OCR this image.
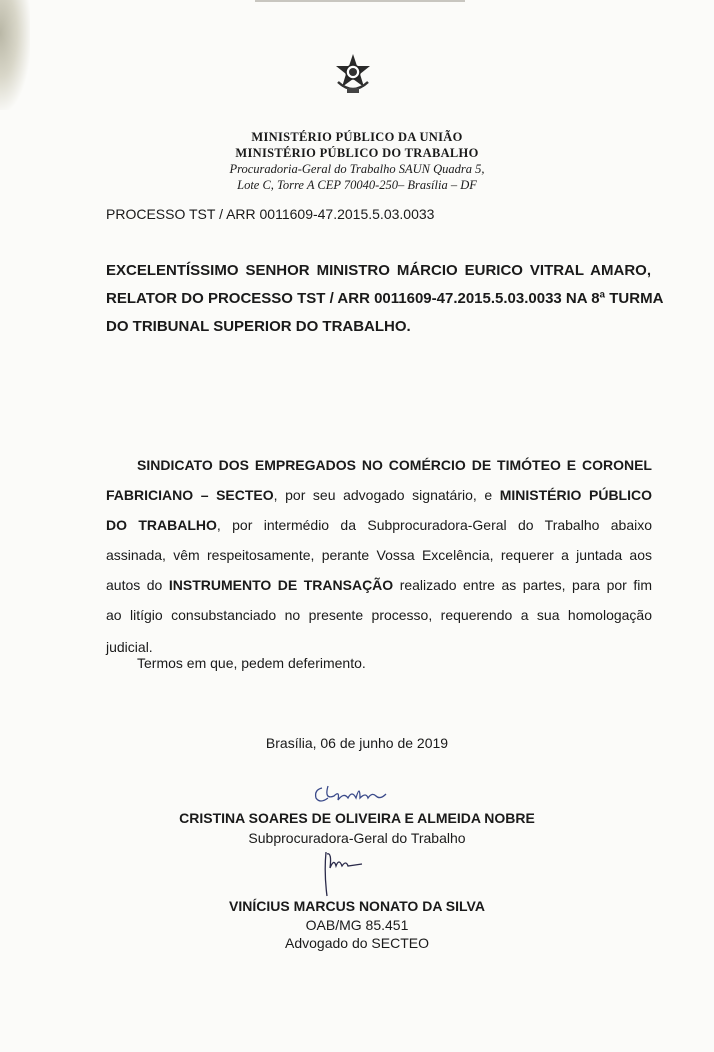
MINISTÉRIO PÚBLICO DA UNIÃO
MINISTÉRIO PÚBLICO DO TRABALHO
Procuradoria-Geral do Trabalho SAUN Quadra 5,
Lote C, Torre A CEP 70040-250– Brasília – DF
PROCESSO TST / ARR 0011609-47.2015.5.03.0033
EXCELENTÍSSIMO SENHOR MINISTRO MÁRCIO EURICO VITRAL AMARO,
RELATOR DO PROCESSO TST / ARR 0011609-47.2015.5.03.0033 NA 8ª TURMA
DO TRIBUNAL SUPERIOR DO TRABALHO.
SINDICATO DOS EMPREGADOS NO COMÉRCIO DE TIMÓTEO E CORONEL
FABRICIANO – SECTEO, por seu advogado signatário, e MINISTÉRIO PÚBLICO
DO TRABALHO, por intermédio da Subprocuradora-Geral do Trabalho abaixo
assinada, vêm respeitosamente, perante Vossa Excelência, requerer a juntada aos
autos do INSTRUMENTO DE TRANSAÇÃO realizado entre as partes, para por fim
ao litígio consubstanciado no presente processo, requerendo a sua homologação
judicial.
Termos em que, pedem deferimento.
Brasília, 06 de junho de 2019
CRISTINA SOARES DE OLIVEIRA E ALMEIDA NOBRE
Subprocuradora-Geral do Trabalho
VINÍCIUS MARCUS NONATO DA SILVA
OAB/MG 85.451
Advogado do SECTEO
